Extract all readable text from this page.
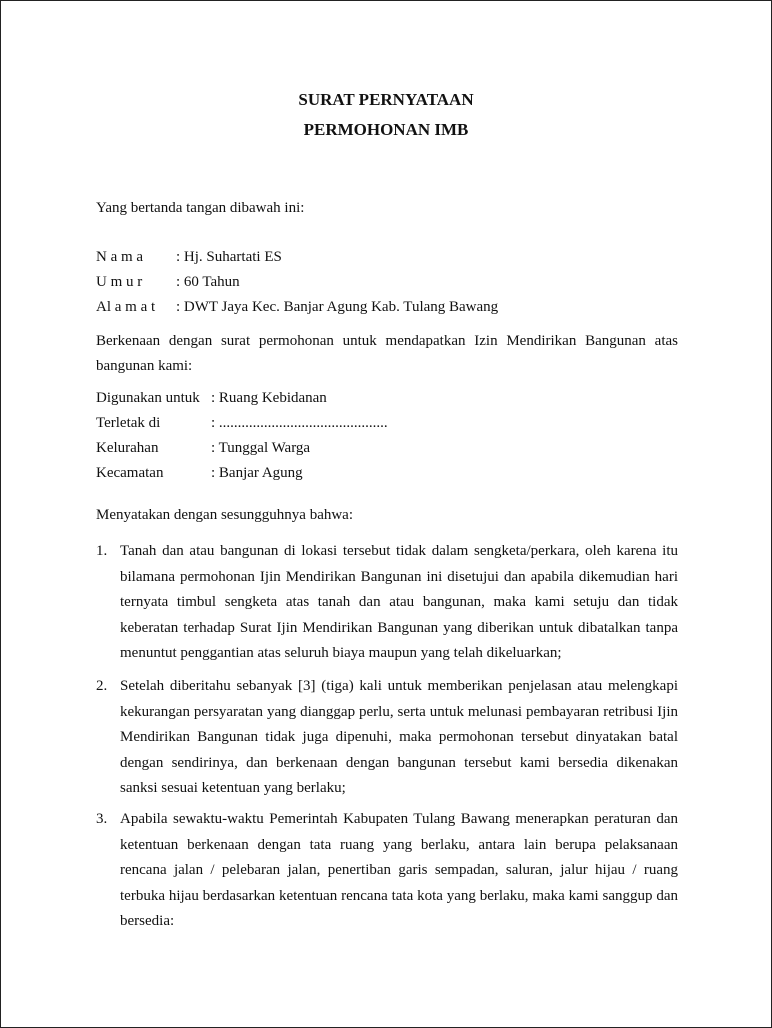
SURAT PERNYATAAN
PERMOHONAN IMB
Yang bertanda tangan dibawah ini:
N a m a : Hj. Suhartati ES
U m u r : 60 Tahun
Al a m a t : DWT Jaya Kec. Banjar Agung Kab. Tulang Bawang
Berkenaan dengan surat permohonan untuk mendapatkan Izin Mendirikan Bangunan atas bangunan kami:
Digunakan untuk : Ruang Kebidanan
Terletak di	: .............................................
Kelurahan	: Tunggal Warga
Kecamatan	: Banjar Agung
Menyatakan dengan sesungguhnya bahwa:
1. Tanah dan atau bangunan di lokasi tersebut tidak dalam sengketa/perkara, oleh karena itu bilamana permohonan Ijin Mendirikan Bangunan ini disetujui dan apabila dikemudian hari ternyata timbul sengketa atas tanah dan atau bangunan, maka kami setuju dan tidak keberatan terhadap Surat Ijin Mendirikan Bangunan yang diberikan untuk dibatalkan tanpa menuntut penggantian atas seluruh biaya maupun yang telah dikeluarkan;
2. Setelah diberitahu sebanyak [3] (tiga) kali untuk memberikan penjelasan atau melengkapi kekurangan persyaratan yang dianggap perlu, serta untuk melunasi pembayaran retribusi Ijin Mendirikan Bangunan tidak juga dipenuhi, maka permohonan tersebut dinyatakan batal dengan sendirinya, dan berkenaan dengan bangunan tersebut kami bersedia dikenakan sanksi sesuai ketentuan yang berlaku;
3. Apabila sewaktu-waktu Pemerintah Kabupaten Tulang Bawang menerapkan peraturan dan ketentuan berkenaan dengan tata ruang yang berlaku, antara lain berupa pelaksanaan rencana jalan / pelebaran jalan, penertiban garis sempadan, saluran, jalur hijau / ruang terbuka hijau berdasarkan ketentuan rencana tata kota yang berlaku, maka kami sanggup dan bersedia:
